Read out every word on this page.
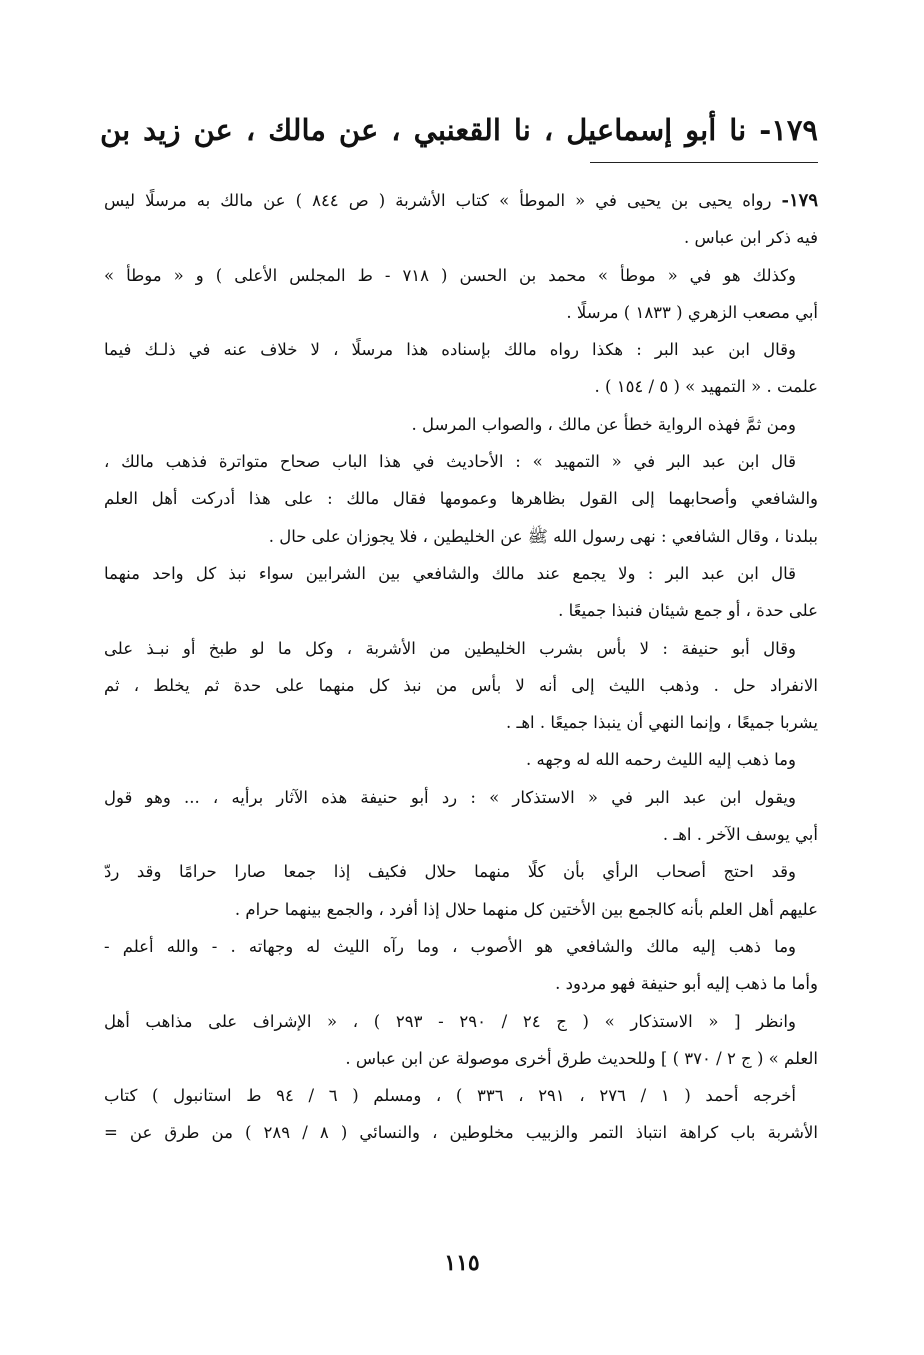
١٧٩- نا أبو إسماعيل ، نا القعنبي ، عن مالك ، عن زيد بن
١٧٩- رواه يحيى بن يحيى في « الموطأ » كتاب الأشربة ( ص ٨٤٤ ) عن مالك به مرسلًا ليس
فيه ذكر ابن عباس .
وكذلك هو في « موطأ » محمد بن الحسن ( ٧١٨ - ط المجلس الأعلى ) و « موطأ »
أبي مصعب الزهري ( ١٨٣٣ ) مرسلًا .
وقال ابن عبد البر : هكذا رواه مالك بإسناده هذا مرسلًا ، لا خلاف عنه في ذلـك فيما
علمت . « التمهيد » ( ٥ / ١٥٤ ) .
ومن ثمَّ فهذه الرواية خطأ عن مالك ، والصواب المرسل .
قال ابن عبد البر في « التمهيد » : الأحاديث في هذا الباب صحاح متواترة فذهب مالك ،
والشافعي وأصحابهما إلى القول بظاهرها وعمومها فقال مالك : على هذا أدركت أهل العلم
ببلدنا ، وقال الشافعي : نهى رسول الله ﷺ عن الخليطين ، فلا يجوزان على حال .
قال ابن عبد البر : ولا يجمع عند مالك والشافعي بين الشرابين سواء نبذ كل واحد منهما
على حدة ، أو جمع شيئان فنبذا جميعًا .
وقال أبو حنيفة : لا بأس بشرب الخليطين من الأشربة ، وكل ما لو طبخ أو نبـذ على
الانفراد حل . وذهب الليث إلى أنه لا بأس من نبذ كل منهما على حدة ثم يخلط ، ثم
يشربا جميعًا ، وإنما النهي أن ينبذا جميعًا . اهـ .
وما ذهب إليه الليث رحمه الله له وجهه .
ويقول ابن عبد البر في « الاستذكار » : رد أبو حنيفة هذه الآثار برأيه ، ... وهو قول
أبي يوسف الآخر . اهـ .
وقد احتج أصحاب الرأي بأن كلًا منهما حلال فكيف إذا جمعا صارا حرامًا وقد ردّ
عليهم أهل العلم بأنه كالجمع بين الأختين كل منهما حلال إذا أفرد ، والجمع بينهما حرام .
وما ذهب إليه مالك والشافعي هو الأصوب ، وما رآه الليث له وجهاته . - والله أعلم -
وأما ما ذهب إليه أبو حنيفة فهو مردود .
وانظر [ « الاستذكار » ( ج ٢٤ / ٢٩٠ - ٢٩٣ ) ، « الإشراف على مذاهب أهل
العلم » ( ج ٢ / ٣٧٠ ) ] وللحديث طرق أخرى موصولة عن ابن عباس .
أخرجه أحمد ( ١ / ٢٧٦ ، ٢٩١ ، ٣٣٦ ) ، ومسلم ( ٦ / ٩٤ ط استانبول ) كتاب
الأشربة باب كراهة انتباذ التمر والزبيب مخلوطين ، والنسائي ( ٨ / ٢٨٩ ) من طرق عن =
١١٥
